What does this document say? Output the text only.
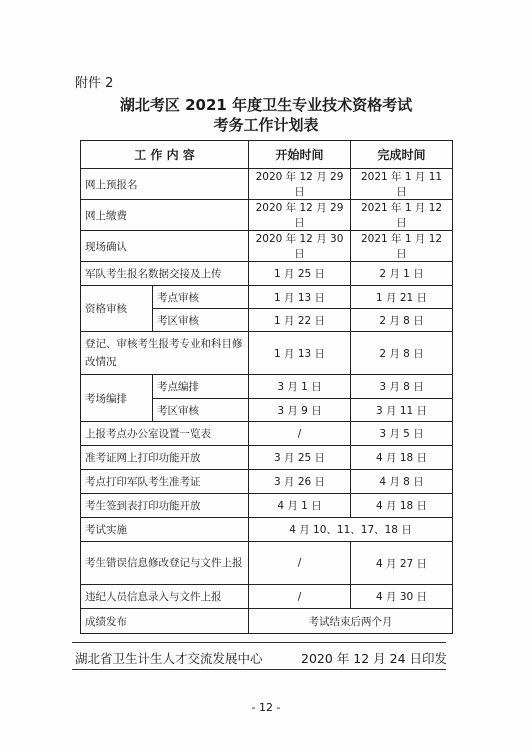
附件 2
湖北考区 2021 年度卫生专业技术资格考试
考务工作计划表
工 作 内 容		开始时间	完成时间
网上预报名		2020 年 12 月 29 日	2021 年 1 月 11 日
网上缴费		2020 年 12 月 29 日	2021 年 1 月 12 日
现场确认		2020 年 12 月 30 日	2021 年 1 月 12 日
军队考生报名数据交接及上传		1 月 25 日	2 月 1 日
资格审核	考点审核	1 月 13 日	1 月 21 日
	考区审核	1 月 22 日	2 月 8 日
登记、审核考生报考专业和科目修改情况		1 月 13 日	2 月 8 日
考场编排	考点编排	3 月 1 日	3 月 8 日
	考区审核	3 月 9 日	3 月 11 日
上报考点办公室设置一览表		/	3 月 5 日
准考证网上打印功能开放		3 月 25 日	4 月 18 日
考点打印军队考生准考证		3 月 26 日	4 月 8 日
考生签到表打印功能开放		4 月 1 日	4 月 18 日
考试实施		4 月 10、11、17、18 日	
考生错误信息修改登记与文件上报		/	4 月 27 日
违纪人员信息录入与文件上报		/	4 月 30 日
成绩发布		考试结束后两个月	
湖北省卫生计生人才交流发展中心	2020 年 12 月 24 日印发
- 12 -
